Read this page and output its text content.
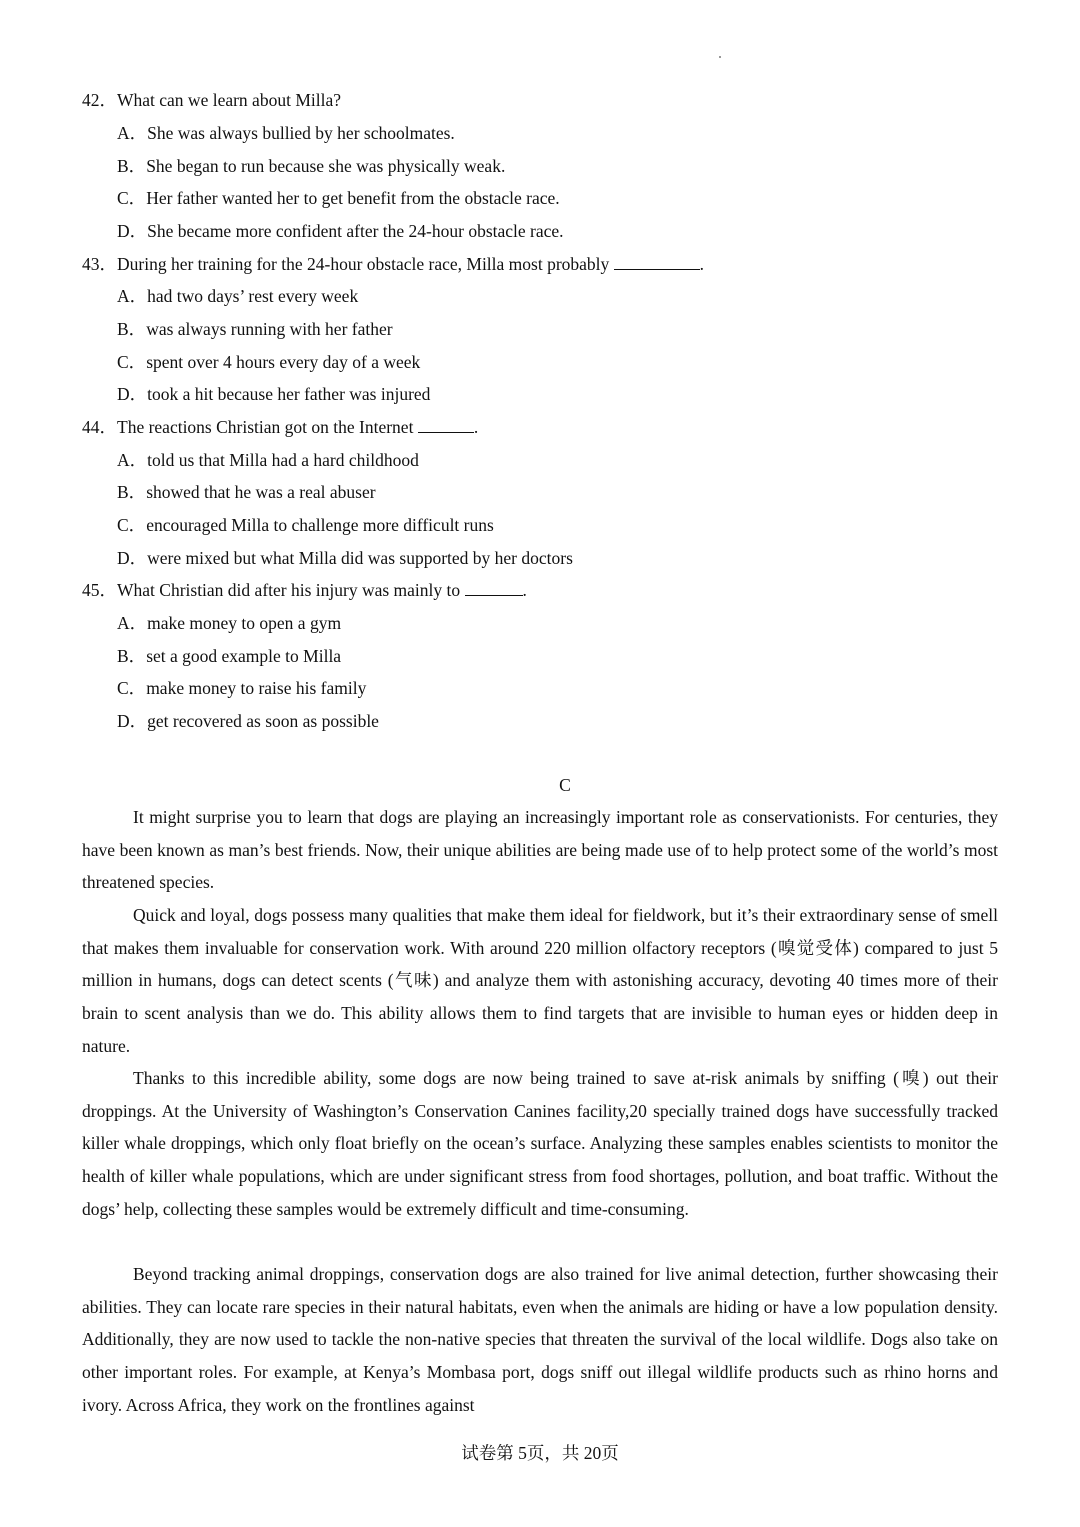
42．What can we learn about Milla?
A．She was always bullied by her schoolmates.
B．She began to run because she was physically weak.
C．Her father wanted her to get benefit from the obstacle race.
D．She became more confident after the 24-hour obstacle race.
43．During her training for the 24-hour obstacle race, Milla most probably	.
A．had two days’ rest every week
B．was always running with her father
C．spent over 4 hours every day of a week
D．took a hit because her father was injured
44．The reactions Christian got on the Internet	.
A．told us that Milla had a hard childhood
B．showed that he was a real abuser
C．encouraged Milla to challenge more difficult runs
D．were mixed but what Milla did was supported by her doctors
45．What Christian did after his injury was mainly to	.
A．make money to open a gym
B．set a good example to Milla
C．make money to raise his family
D．get recovered as soon as possible
C

It might surprise you to learn that dogs are playing an increasingly important role as conservationists. For centuries, they have been known as man’s best friends. Now, their unique abilities are being made use of to help protect some of the world’s most threatened species.

Quick and loyal, dogs possess many qualities that make them ideal for fieldwork, but it’s their extraordinary sense of smell that makes them invaluable for conservation work. With around 220 million olfactory receptors (嗅觉受体) compared to just 5 million in humans, dogs can detect scents (气味) and analyze them with astonishing accuracy, devoting 40 times more of their brain to scent analysis than we do. This ability allows them to find targets that are invisible to human eyes or hidden deep in nature.

Thanks to this incredible ability, some dogs are now being trained to save at-risk animals by sniffing (嗅) out their droppings. At the University of Washington’s Conservation Canines facility,20 specially trained dogs have successfully tracked killer whale droppings, which only float briefly on the ocean’s surface. Analyzing these samples enables scientists to monitor the health of killer whale populations, which are under significant stress from food shortages, pollution, and boat traffic. Without the dogs’ help, collecting these samples would be extremely difficult and time-consuming.

Beyond tracking animal droppings, conservation dogs are also trained for live animal detection, further showcasing their abilities. They can locate rare species in their natural habitats, even when the animals are hiding or have a low population density. Additionally, they are now used to tackle the non-native species that threaten the survival of the local wildlife. Dogs also take on other important roles. For example, at Kenya’s Mombasa port, dogs sniff out illegal wildlife products such as rhino horns and ivory. Across Africa, they work on the frontlines against

试卷第 5页，共 20页
